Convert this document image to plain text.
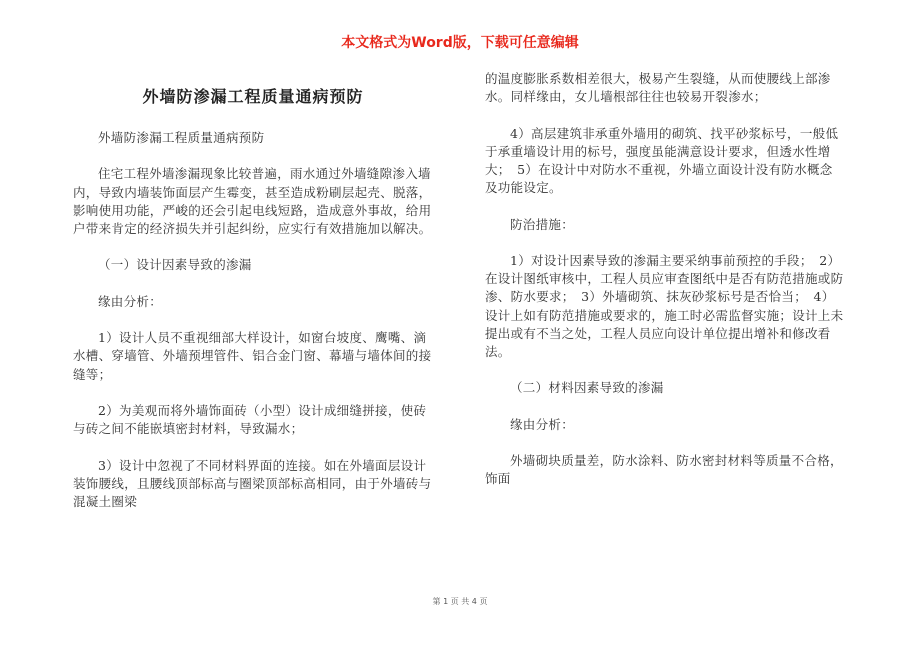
本文格式为Word版，下载可任意编辑
外墙防渗漏工程质量通病预防

外墙防渗漏工程质量通病预防

住宅工程外墙渗漏现象比较普遍，雨水通过外墙缝隙渗入墙内，导致内墙装饰面层产生霉变，甚至造成粉刷层起壳、脱落，影响使用功能，严峻的还会引起电线短路，造成意外事故，给用户带来肯定的经济损失并引起纠纷，应实行有效措施加以解决。

（一）设计因素导致的渗漏

缘由分析：

1）设计人员不重视细部大样设计，如窗台坡度、鹰嘴、滴水槽、穿墙管、外墙预埋管件、铝合金门窗、幕墙与墙体间的接缝等；

2）为美观而将外墙饰面砖（小型）设计成细缝拼接，使砖与砖之间不能嵌填密封材料，导致漏水；

3）设计中忽视了不同材料界面的连接。如在外墙面层设计装饰腰线，且腰线顶部标高与圈梁顶部标高相同，由于外墙砖与混凝土圈梁

的温度膨胀系数相差很大，极易产生裂缝，从而使腰线上部渗水。同样缘由，女儿墙根部往往也较易开裂渗水；

4）高层建筑非承重外墙用的砌筑、找平砂浆标号，一般低于承重墙设计用的标号，强度虽能满意设计要求，但透水性增大；　5）在设计中对防水不重视，外墙立面设计没有防水概念及功能设定。

防治措施：

1）对设计因素导致的渗漏主要采纳事前预控的手段；　2）在设计图纸审核中，工程人员应审查图纸中是否有防范措施或防渗、防水要求；　3）外墙砌筑、抹灰砂浆标号是否恰当；　4）设计上如有防范措施或要求的，施工时必需监督实施；设计上未提出或有不当之处，工程人员应向设计单位提出增补和修改看法。

（二）材料因素导致的渗漏

缘由分析：

外墙砌块质量差，防水涂料、防水密封材料等质量不合格，饰面

第 1 页 共 4 页
